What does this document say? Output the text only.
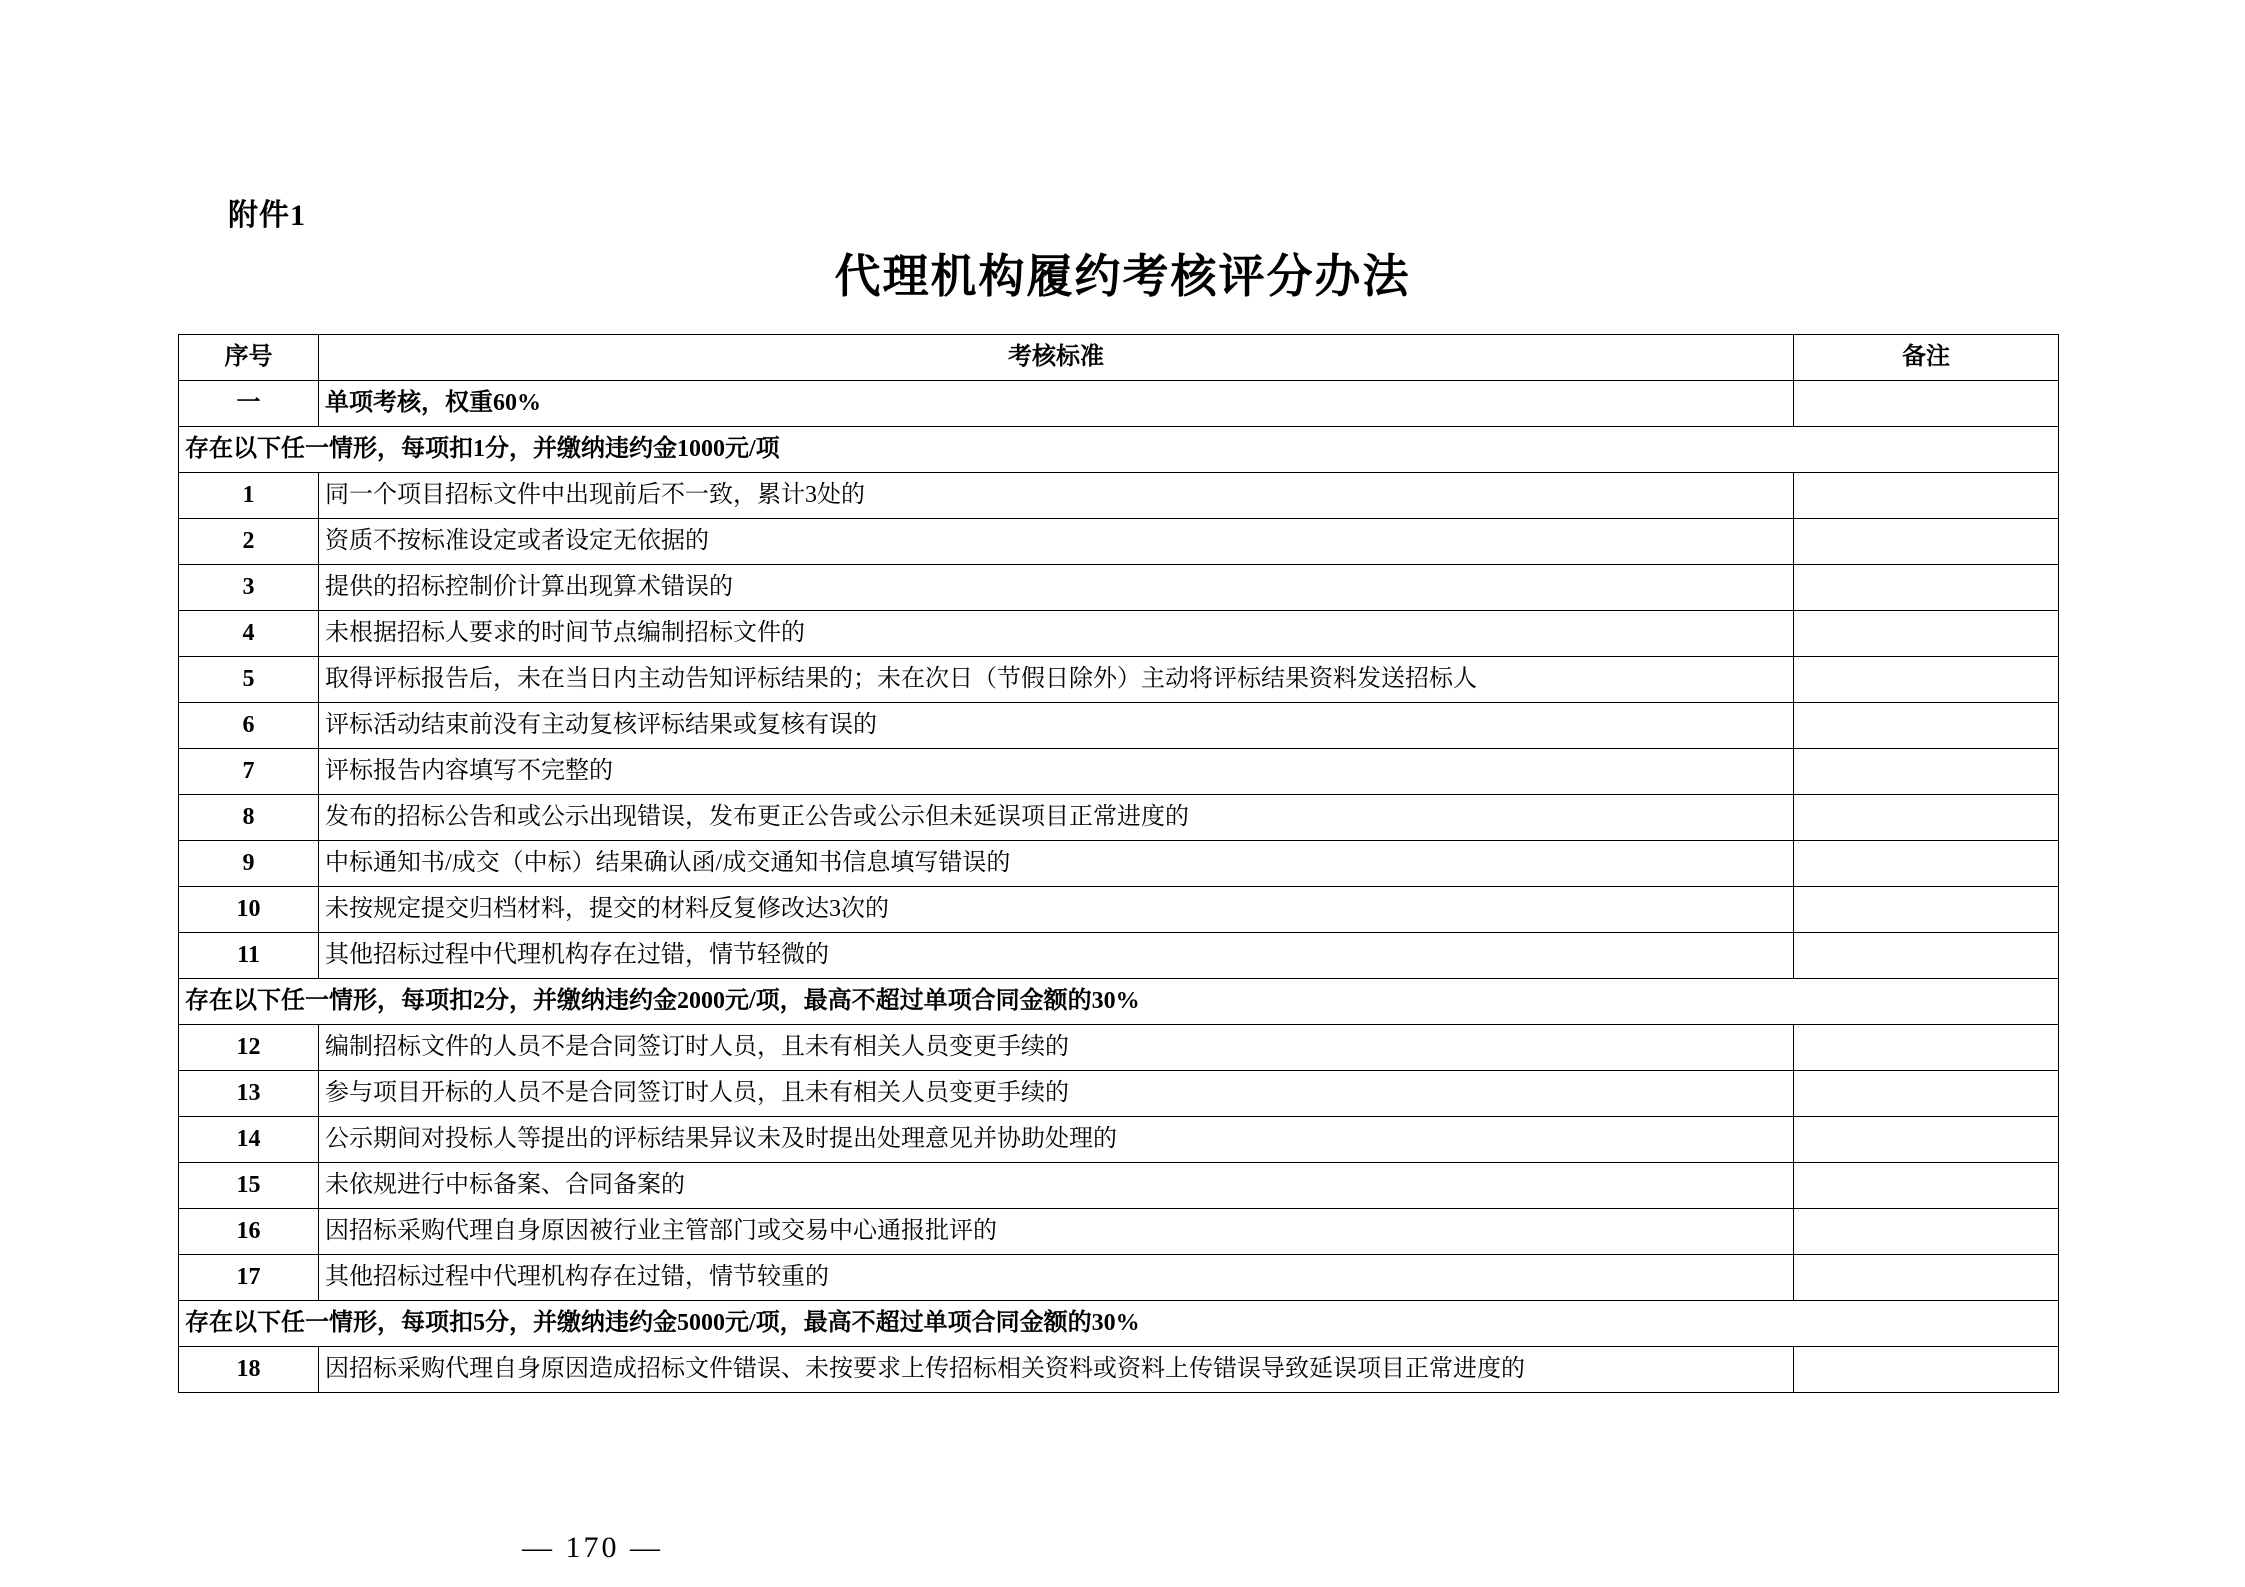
附件1
代理机构履约考核评分办法
序号	考核标准	备注
一	单项考核，权重60%	
存在以下任一情形，每项扣1分，并缴纳违约金1000元/项		
1	同一个项目招标文件中出现前后不一致，累计3处的	
2	资质不按标准设定或者设定无依据的	
3	提供的招标控制价计算出现算术错误的	
4	未根据招标人要求的时间节点编制招标文件的	
5	取得评标报告后，未在当日内主动告知评标结果的；未在次日（节假日除外）主动将评标结果资料发送招标人	
6	评标活动结束前没有主动复核评标结果或复核有误的	
7	评标报告内容填写不完整的	
8	发布的招标公告和或公示出现错误，发布更正公告或公示但未延误项目正常进度的	
9	中标通知书/成交（中标）结果确认函/成交通知书信息填写错误的	
10	未按规定提交归档材料，提交的材料反复修改达3次的	
11	其他招标过程中代理机构存在过错，情节轻微的	
存在以下任一情形，每项扣2分，并缴纳违约金2000元/项，最高不超过单项合同金额的30%		
12	编制招标文件的人员不是合同签订时人员，且未有相关人员变更手续的	
13	参与项目开标的人员不是合同签订时人员，且未有相关人员变更手续的	
14	公示期间对投标人等提出的评标结果异议未及时提出处理意见并协助处理的	
15	未依规进行中标备案、合同备案的	
16	因招标采购代理自身原因被行业主管部门或交易中心通报批评的	
17	其他招标过程中代理机构存在过错，情节较重的	
存在以下任一情形，每项扣5分，并缴纳违约金5000元/项，最高不超过单项合同金额的30%		
18	因招标采购代理自身原因造成招标文件错误、未按要求上传招标相关资料或资料上传错误导致延误项目正常进度的	
— 170 —
